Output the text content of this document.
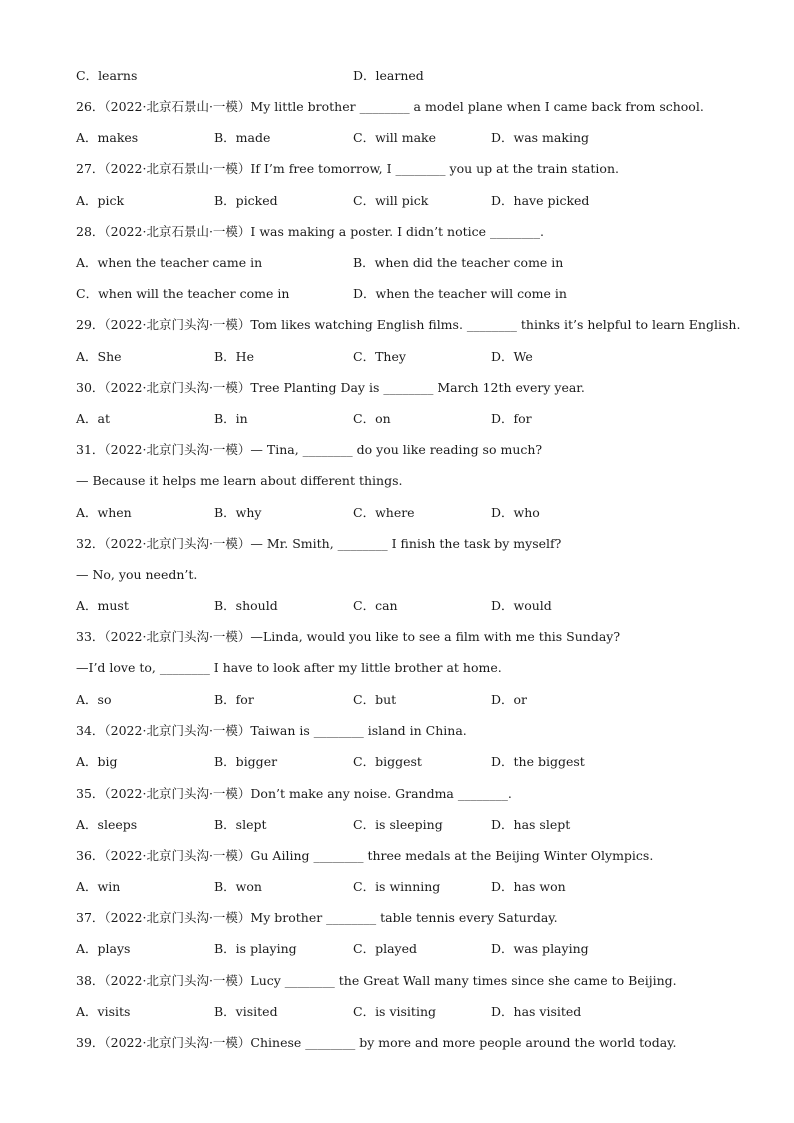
C．learns	D．learned
26．（2022·北京石景山·一模）My little brother ________ a model plane when I came back from school.
A．makes	B．made	C．will make	D．was making
27．（2022·北京石景山·一模）If I’m free tomorrow, I ________ you up at the train station.
A．pick	B．picked	C．will pick	D．have picked
28．（2022·北京石景山·一模）I was making a poster. I didn’t notice ________.
A．when the teacher came in	B．when did the teacher come in
C．when will the teacher come in	D．when the teacher will come in
29．（2022·北京门头沟·一模）Tom likes watching English films. ________ thinks it’s helpful to learn English.
A．She	B．He	C．They	D．We
30．（2022·北京门头沟·一模）Tree Planting Day is ________ March 12th every year.
A．at	B．in	C．on	D．for
31．（2022·北京门头沟·一模）— Tina, ________ do you like reading so much?
— Because it helps me learn about different things.
A．when	B．why	C．where	D．who
32．（2022·北京门头沟·一模）— Mr. Smith, ________ I finish the task by myself?
— No, you needn’t.
A．must	B．should	C．can	D．would
33．（2022·北京门头沟·一模）—Linda, would you like to see a film with me this Sunday?
—I’d love to, ________ I have to look after my little brother at home.
A．so	B．for	C．but	D．or
34．（2022·北京门头沟·一模）Taiwan is ________ island in China.
A．big	B．bigger	C．biggest	D．the biggest
35．（2022·北京门头沟·一模）Don’t make any noise. Grandma ________.
A．sleeps	B．slept	C．is sleeping	D．has slept
36．（2022·北京门头沟·一模）Gu Ailing ________ three medals at the Beijing Winter Olympics.
A．win	B．won	C．is winning	D．has won
37．（2022·北京门头沟·一模）My brother ________ table tennis every Saturday.
A．plays	B．is playing	C．played	D．was playing
38．（2022·北京门头沟·一模）Lucy ________ the Great Wall many times since she came to Beijing.
A．visits	B．visited	C．is visiting	D．has visited
39．（2022·北京门头沟·一模）Chinese ________ by more and more people around the world today.
